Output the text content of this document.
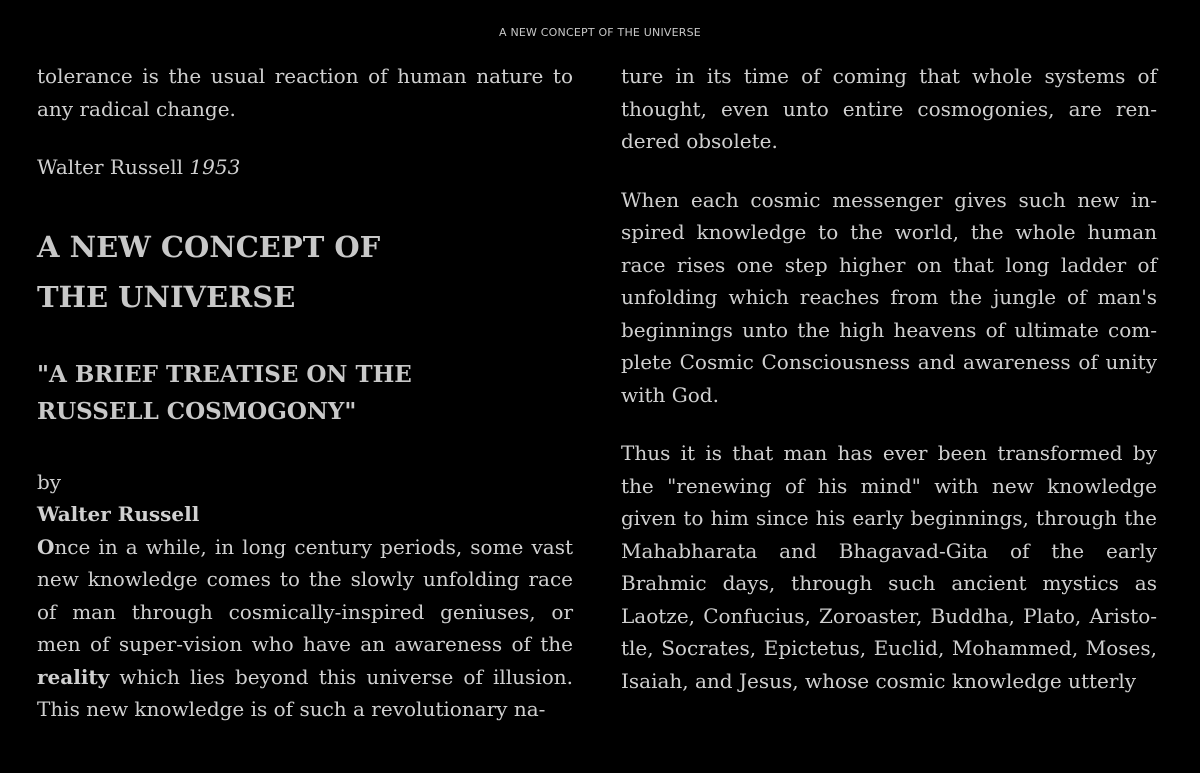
A NEW CONCEPT OF THE UNIVERSE

tolerance is the usual reaction of human nature to any radical change.

Walter Russell 1953

A NEW CONCEPT OF
THE UNIVERSE
"A BRIEF TREATISE ON THE
RUSSELL COSMOGONY"

by

Walter Russell

Once in a while, in long century periods, some vast new knowledge comes to the slowly unfolding race of man through cosmically-inspired geniuses, or men of super-vision who have an awareness of the reality which lies beyond this universe of illusion. This new knowledge is of such a revolutionary na-

ture in its time of coming that whole systems of thought, even unto entire cosmogonies, are ren-dered obsolete.

When each cosmic messenger gives such new in-spired knowledge to the world, the whole human race rises one step higher on that long ladder of unfolding which reaches from the jungle of man's beginnings unto the high heavens of ultimate com-plete Cosmic Consciousness and awareness of unity with God.

Thus it is that man has ever been transformed by the "renewing of his mind" with new knowledge given to him since his early beginnings, through the Mahabharata and Bhagavad-Gita of the early Brahmic days, through such ancient mystics as Laotze, Confucius, Zoroaster, Buddha, Plato, Aristo-tle, Socrates, Epictetus, Euclid, Mohammed, Moses, Isaiah, and Jesus, whose cosmic knowledge utterly
